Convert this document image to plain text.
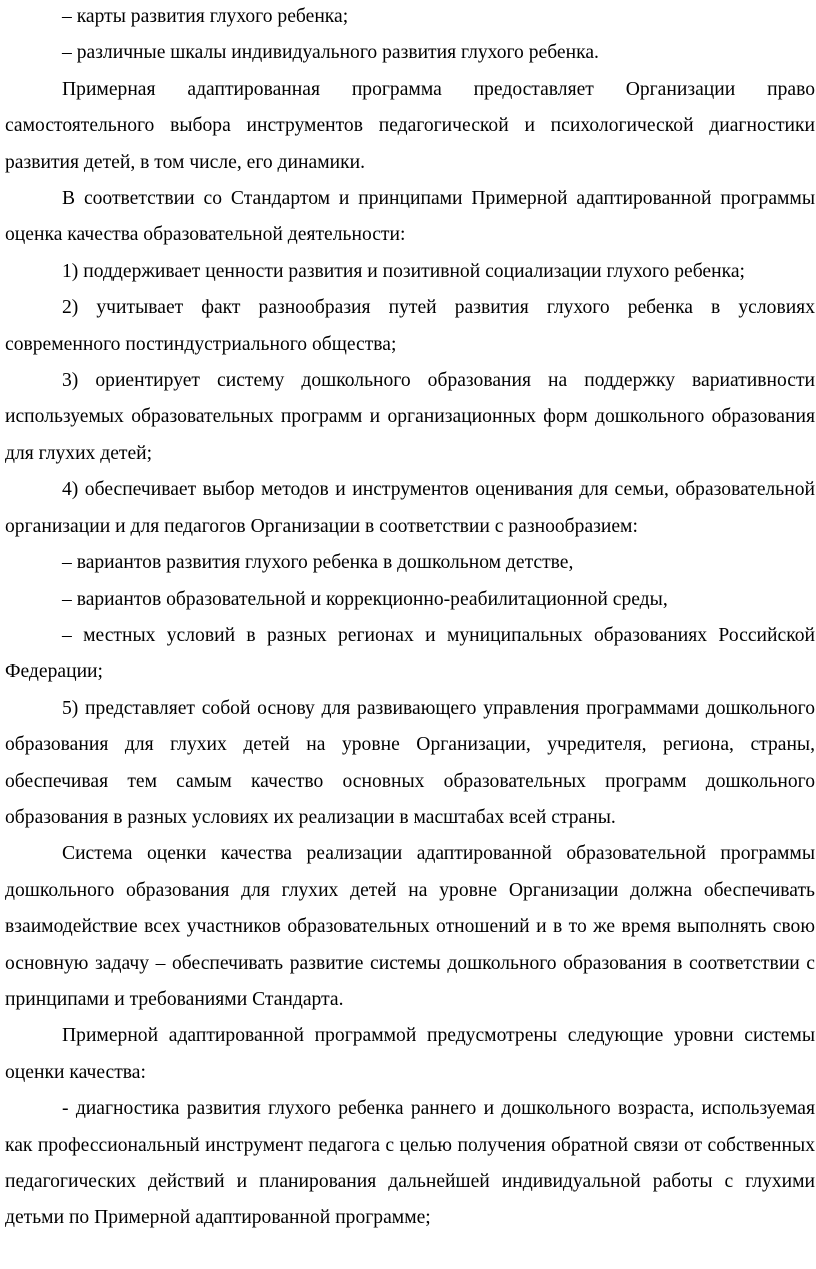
– карты развития глухого ребенка;

– различные шкалы индивидуального развития глухого ребенка.

Примерная адаптированная программа предоставляет Организации право самостоятельного выбора инструментов педагогической и психологической диагностики развития детей, в том числе, его динамики.

В соответствии со Стандартом и принципами Примерной адаптированной программы оценка качества образовательной деятельности:

1) поддерживает ценности развития и позитивной социализации глухого ребенка;

2) учитывает факт разнообразия путей развития глухого ребенка в условиях современного постиндустриального общества;

3) ориентирует систему дошкольного образования на поддержку вариативности используемых образовательных программ и организационных форм дошкольного образования для глухих детей;

4) обеспечивает выбор методов и инструментов оценивания для семьи, образовательной организации и для педагогов Организации в соответствии с разнообразием:

– вариантов развития глухого ребенка в дошкольном детстве,

– вариантов образовательной и коррекционно-реабилитационной среды,

– местных условий в разных регионах и муниципальных образованиях Российской Федерации;

5) представляет собой основу для развивающего управления программами дошкольного образования для глухих детей на уровне Организации, учредителя, региона, страны, обеспечивая тем самым качество основных образовательных программ дошкольного образования в разных условиях их реализации в масштабах всей страны.

Система оценки качества реализации адаптированной образовательной программы дошкольного образования для глухих детей на уровне Организации должна обеспечивать взаимодействие всех участников образовательных отношений и в то же время выполнять свою основную задачу – обеспечивать развитие системы дошкольного образования в соответствии с принципами и требованиями Стандарта.

Примерной адаптированной программой предусмотрены следующие уровни системы оценки качества:

- диагностика развития глухого ребенка раннего и дошкольного возраста, используемая как профессиональный инструмент педагога с целью получения обратной связи от собственных педагогических действий и планирования дальнейшей индивидуальной работы с глухими детьми по Примерной адаптированной программе;
